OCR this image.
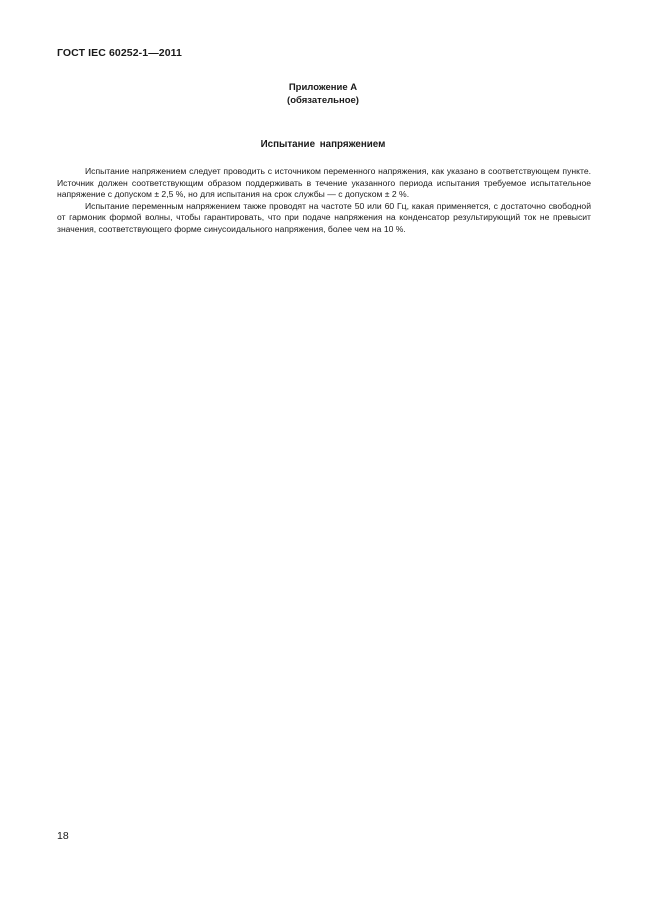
ГОСТ IEC 60252-1—2011
Приложение А
(обязательное)
Испытание напряжением

Испытание напряжением следует проводить с источником переменного напряжения, как указано в соответствующем пункте. Источник должен соответствующим образом поддерживать в течение указанного периода испытания требуемое испытательное напряжение с допуском ± 2,5 %, но для испытания на срок службы — с допуском ± 2 %.

Испытание переменным напряжением также проводят на частоте 50 или 60 Гц, какая применяется, с достаточно свободной от гармоник формой волны, чтобы гарантировать, что при подаче напряжения на конденсатор результирующий ток не превысит значения, соответствующего форме синусоидального напряжения, более чем на 10 %.

18
